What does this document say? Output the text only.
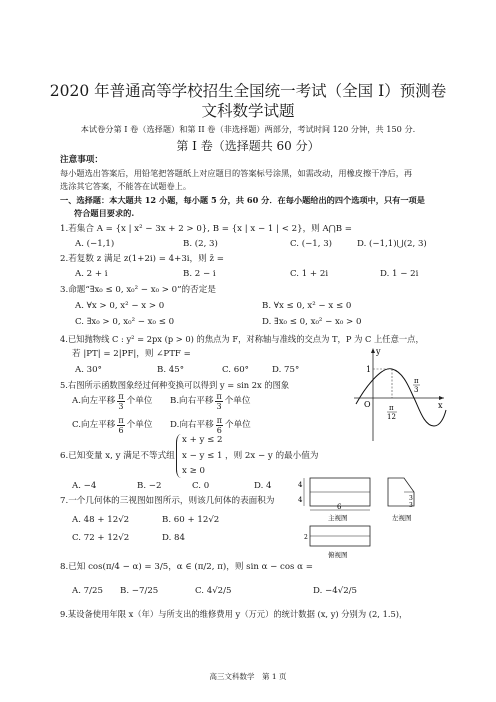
2020 年普通高等学校招生全国统一考试（全国 I）预测卷
文科数学试题
本试卷分第 I 卷（选择题）和第 II 卷（非选择题）两部分，考试时间 120 分钟，共 150 分.
第 I 卷（选择题共 60 分）
注意事项：
每小题选出答案后，用铅笔把答题纸上对应题目的答案标号涂黑，如需改动，用橡皮擦干净后，再
选涂其它答案，不能答在试题卷上。
一、选择题：本大题共 12 小题，每小题 5 分，共 60 分．在每小题给出的四个选项中，只有一项是
符合题目要求的.
1.若集合 A = {x | x² − 3x + 2 > 0}, B = {x | x − 1 | < 2}，则 A⋂B =
A. (−1,1)	B. (2, 3)	C. (−1, 3)	D. (−1,1)⋃(2, 3)
2.若复数 z 满足 z(1+2i) = 4+3i，则 z̄ =
A. 2 + i	B. 2 − i	C. 1 + 2i	D. 1 − 2i
3.命题“∃x₀ ≤ 0, x₀² − x₀ > 0”的否定是
A. ∀x > 0, x² − x > 0	B. ∀x ≤ 0, x² − x ≤ 0
C. ∃x₀ > 0, x₀² − x₀ ≤ 0	D. ∃x₀ ≤ 0, x₀² − x₀ > 0
4.已知抛物线 C : y² = 2px (p > 0) 的焦点为 F，对称轴与准线的交点为 T，P 为 C 上任意一点，
若 |PT| = 2|PF|，则 ∠PTF =
A. 30°	B. 45°	C. 60°	D. 75°
5.右图所示函数图象经过何种变换可以得到 y = sin 2x 的图象
A.向左平移 $\frac{\pi}{3}$ 个单位 B.向右平移 $\frac{\pi}{3}$ 个单位
C.向左平移 $\frac{\pi}{6}$ 个单位 D.向右平移 $\frac{\pi}{6}$ 个单位
y
x
1
O
π
3
π
12
6.已知变量 x, y 满足不等式组
x + y ≤ 2
x − y ≤ 1
x ≥ 0
，则 2x − y 的最小值为
A. −4	B. −2	C. 0	D. 4
7.一个几何体的三视图如图所示，则该几何体的表面积为
A. 48 + 12√2	B. 60 + 12√2
C. 72 + 12√2	D. 84
4
4
6
主视图
3
3
左视图
2
俯视图
8.已知 cos(π/4 − α) = 3/5，α ∈ (π/2, π)，则 sin α − cos α =
A. 7/25 B. −7/25	C. 4√2/5	D. −4√2/5
9.某设备使用年限 x（年）与所支出的维修费用 y（万元）的统计数据 (x, y) 分别为 (2, 1.5)，
高三文科数学　第 1 页
